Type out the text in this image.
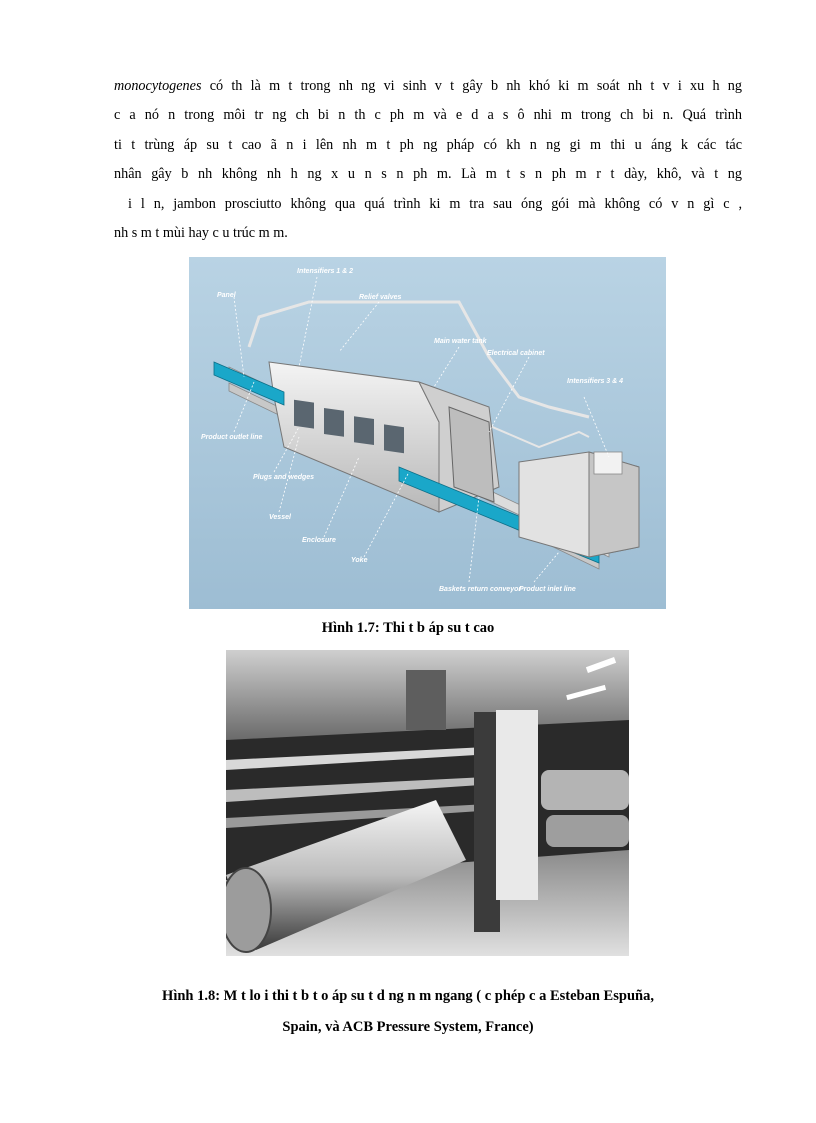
monocytogenes có th là m t trong nh ng vi sinh v t gây b nh khó ki m soát nh t v i xu h ng
c a nó n trong môi tr ng ch bi n th c ph m và e d a s ô nhi m trong ch bi n. Quá trình
ti t trùng áp su t cao ã n i lên nh m t ph ng pháp có kh n ng gi m thi u áng k các tác
nhân gây b nh không nh h ng x u n s n ph m. Là m t s n ph m r t dày, khô, và t ng
i l n, jambon prosciutto không qua quá trình ki m tra sau óng gói mà không có v n gì c ,
nh s m t mùi hay c u trúc m m.
Intensifiers 1 & 2
Panel	Relief valves
Main water tank
Electrical cabinet
Intensifiers 3 & 4
Product outlet line
Plugs and wedges
Vessel
Enclosure
Yoke
Baskets return conveyor
Product inlet line
Hình 1.7: Thi t b áp su t cao
Hình 1.8: M t lo i thi t b t o áp su t d ng n m ngang ( c phép c a Esteban Espuña,
Spain, và ACB Pressure System, France)
